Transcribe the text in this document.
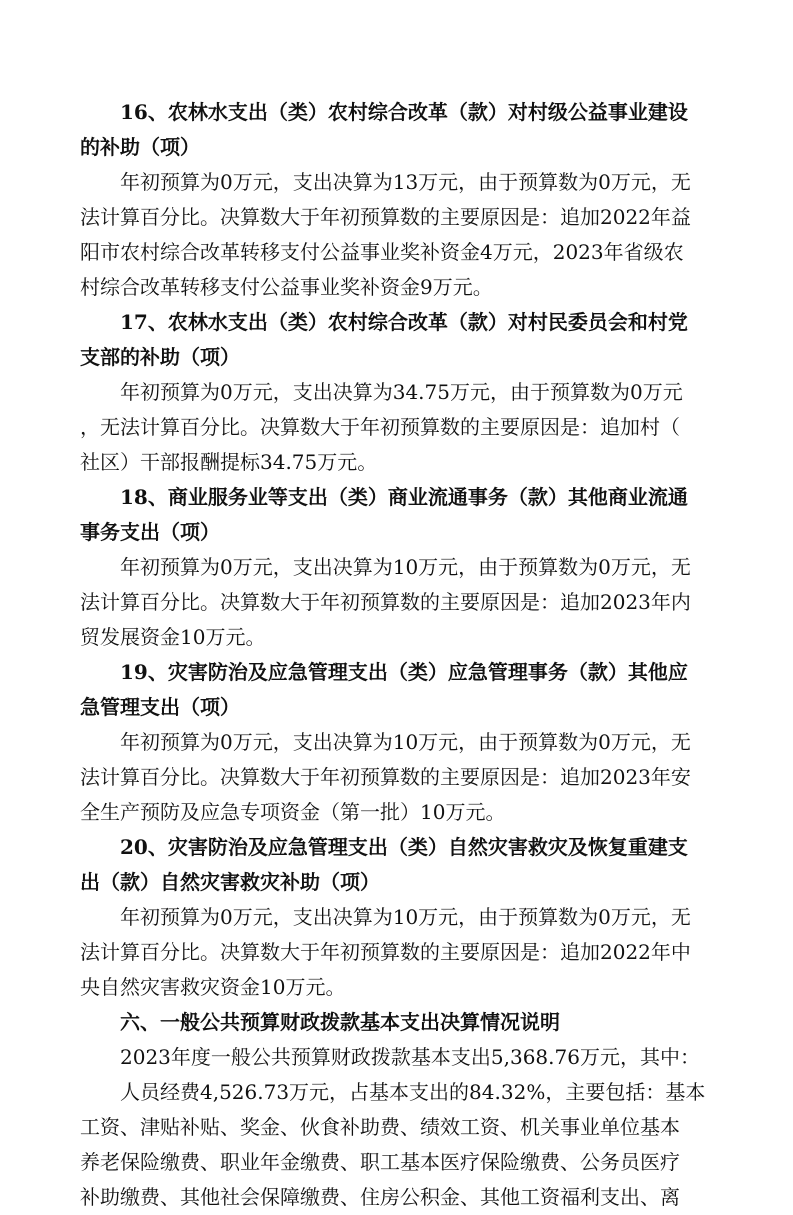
16、农林水支出（类）农村综合改革（款）对村级公益事业建设
的补助（项）
年初预算为0万元，支出决算为13万元，由于预算数为0万元，无
法计算百分比。决算数大于年初预算数的主要原因是：追加2022年益
阳市农村综合改革转移支付公益事业奖补资金4万元，2023年省级农
村综合改革转移支付公益事业奖补资金9万元。
17、农林水支出（类）农村综合改革（款）对村民委员会和村党
支部的补助（项）
年初预算为0万元，支出决算为34.75万元，由于预算数为0万元
，无法计算百分比。决算数大于年初预算数的主要原因是：追加村（
社区）干部报酬提标34.75万元。
18、商业服务业等支出（类）商业流通事务（款）其他商业流通
事务支出（项）
年初预算为0万元，支出决算为10万元，由于预算数为0万元，无
法计算百分比。决算数大于年初预算数的主要原因是：追加2023年内
贸发展资金10万元。
19、灾害防治及应急管理支出（类）应急管理事务（款）其他应
急管理支出（项）
年初预算为0万元，支出决算为10万元，由于预算数为0万元，无
法计算百分比。决算数大于年初预算数的主要原因是：追加2023年安
全生产预防及应急专项资金（第一批）10万元。
20、灾害防治及应急管理支出（类）自然灾害救灾及恢复重建支
出（款）自然灾害救灾补助（项）
年初预算为0万元，支出决算为10万元，由于预算数为0万元，无
法计算百分比。决算数大于年初预算数的主要原因是：追加2022年中
央自然灾害救灾资金10万元。
六、一般公共预算财政拨款基本支出决算情况说明
2023年度一般公共预算财政拨款基本支出5,368.76万元，其中：
人员经费4,526.73万元，占基本支出的84.32%，主要包括：基本
工资、津贴补贴、奖金、伙食补助费、绩效工资、机关事业单位基本
养老保险缴费、职业年金缴费、职工基本医疗保险缴费、公务员医疗
补助缴费、其他社会保障缴费、住房公积金、其他工资福利支出、离
